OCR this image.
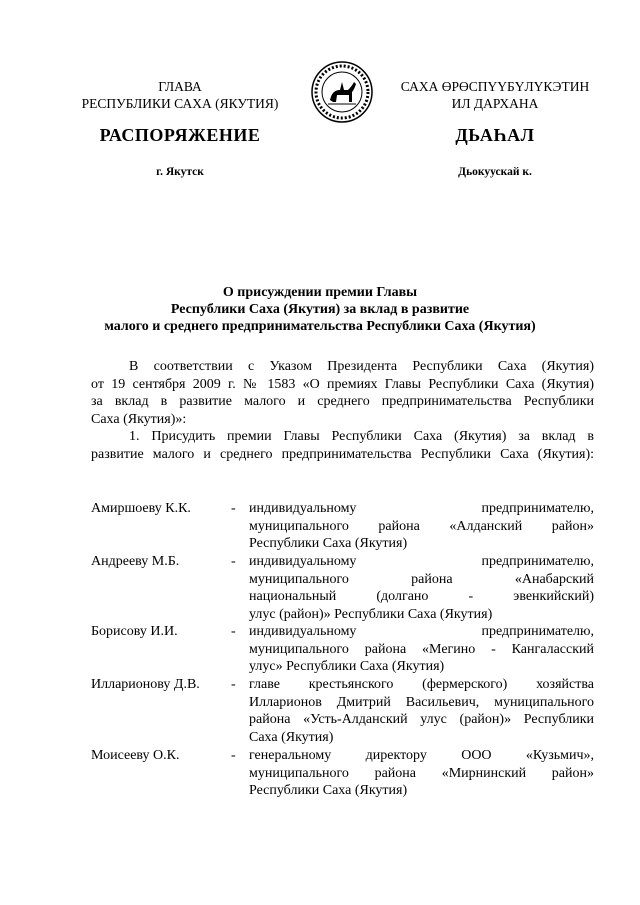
ГЛАВА
РЕСПУБЛИКИ САХА (ЯКУТИЯ)
САХА ӨРӨСПҮҮБҮЛҮКЭТИН
ИЛ ДАРХАНА
РАСПОРЯЖЕНИЕ	ДЬАҺАЛ
г. Якутск	Дьокуускай к.
О присуждении премии Главы
Республики Саха (Якутия) за вклад в развитие
малого и среднего предпринимательства Республики Саха (Якутия)
В соответствии с Указом Президента Республики Саха (Якутия)
от 19 сентября 2009 г. № 1583 «О премиях Главы Республики Саха (Якутия)
за вклад в развитие малого и среднего предпринимательства Республики
Саха (Якутия)»:
1. Присудить премии Главы Республики Саха (Якутия) за вклад в
развитие малого и среднего предпринимательства Республики Саха (Якутия):
Амиршоеву К.К.	- индивидуальному предпринимателю,
муниципального района «Алданский район»
Республики Саха (Якутия)
Андрееву М.Б.	- индивидуальному предпринимателю,
муниципального района «Анабарский
национальный (долгано - эвенкийский)
улус (район)» Республики Саха (Якутия)
Борисову И.И.	- индивидуальному предпринимателю,
муниципального района «Мегино - Кангаласский
улус» Республики Саха (Якутия)
Илларионову Д.В. - главе крестьянского (фермерского) хозяйства
Илларионов Дмитрий Васильевич, муниципального
района «Усть-Алданский улус (район)» Республики
Саха (Якутия)
Моисееву О.К.	- генеральному директору ООО «Кузьмич»,
муниципального района «Мирнинский район»
Республики Саха (Якутия)
